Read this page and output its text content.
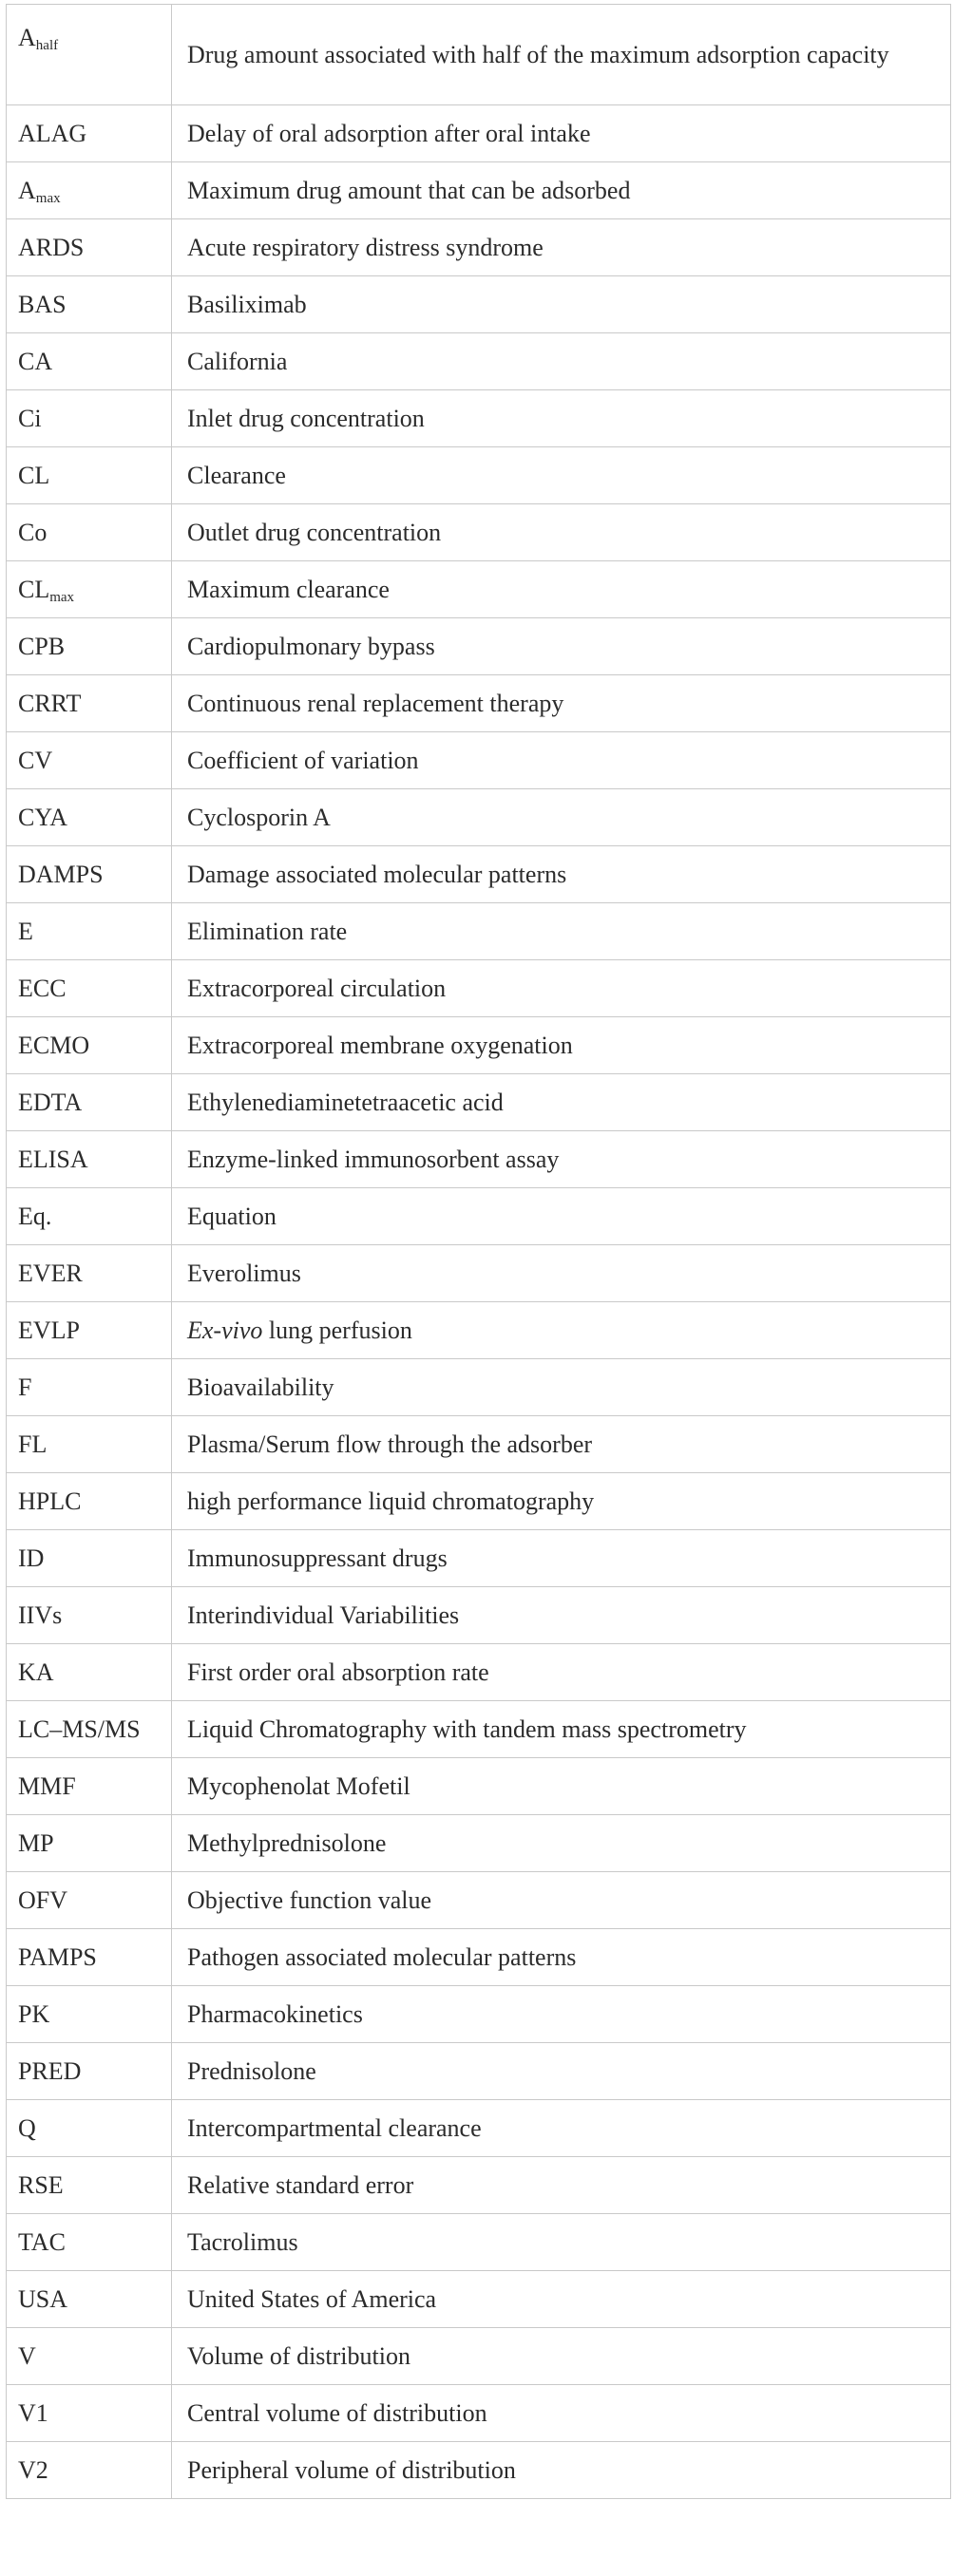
$A_{half}$	Drug amount associated with half of the maximum adsorption capacity
ALAG	Delay of oral adsorption after oral intake
$A_{max}$	Maximum drug amount that can be adsorbed
ARDS	Acute respiratory distress syndrome
BAS	Basiliximab
CA	California
Ci	Inlet drug concentration
CL	Clearance
Co	Outlet drug concentration
$CL_{max}$	Maximum clearance
CPB	Cardiopulmonary bypass
CRRT	Continuous renal replacement therapy
CV	Coefficient of variation
CYA	Cyclosporin A
DAMPS	Damage associated molecular patterns
E	Elimination rate
ECC	Extracorporeal circulation
ECMO	Extracorporeal membrane oxygenation
EDTA	Ethylenediaminetetraacetic acid
ELISA	Enzyme-linked immunosorbent assay
Eq.	Equation
EVER	Everolimus
EVLP	Ex-vivo lung perfusion
F	Bioavailability
FL	Plasma/Serum flow through the adsorber
HPLC	high performance liquid chromatography
ID	Immunosuppressant drugs
IIVs	Interindividual Variabilities
KA	First order oral absorption rate
LC–MS/MS	Liquid Chromatography with tandem mass spectrometry
MMF	Mycophenolat Mofetil
MP	Methylprednisolone
OFV	Objective function value
PAMPS	Pathogen associated molecular patterns
PK	Pharmacokinetics
PRED	Prednisolone
Q	Intercompartmental clearance
RSE	Relative standard error
TAC	Tacrolimus
USA	United States of America
V	Volume of distribution
V1	Central volume of distribution
V2	Peripheral volume of distribution
